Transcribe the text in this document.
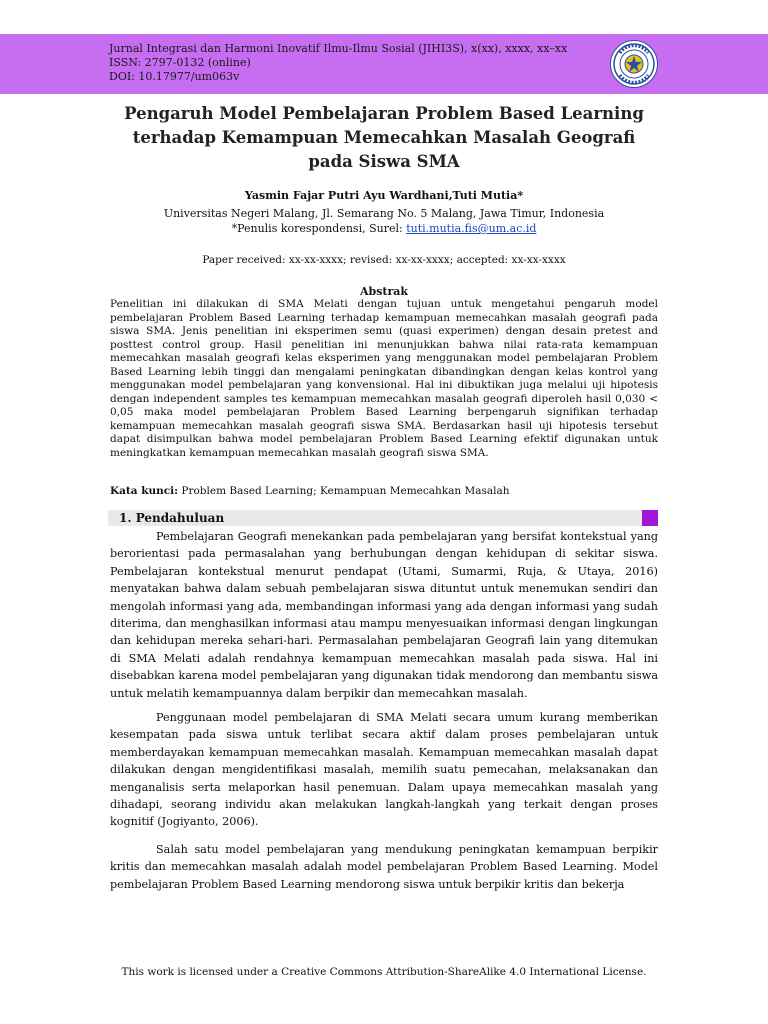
Jurnal Integrasi dan Harmoni Inovatif Ilmu-Ilmu Sosial (JIHI3S), x(xx), xxxx, xx–xx
ISSN: 2797-0132 (online)
DOI: 10.17977/um063v
Pengaruh Model Pembelajaran Problem Based Learning terhadap Kemampuan Memecahkan Masalah Geografi pada Siswa SMA
Yasmin Fajar Putri Ayu Wardhani,Tuti Mutia*
Universitas Negeri Malang, Jl. Semarang No. 5 Malang, Jawa Timur, Indonesia
*Penulis korespondensi, Surel: tuti.mutia.fis@um.ac.id
Paper received: xx-xx-xxxx; revised: xx-xx-xxxx; accepted: xx-xx-xxxx
Abstrak
Penelitian ini dilakukan di SMA Melati dengan tujuan untuk mengetahui pengaruh model pembelajaran Problem Based Learning terhadap kemampuan memecahkan masalah geografi pada siswa SMA. Jenis penelitian ini eksperimen semu (quasi experimen) dengan desain pretest and posttest control group. Hasil penelitian ini menunjukkan bahwa nilai rata-rata kemampuan memecahkan masalah geografi kelas eksperimen yang menggunakan model pembelajaran Problem Based Learning lebih tinggi dan mengalami peningkatan dibandingkan dengan kelas kontrol yang menggunakan model pembelajaran yang konvensional. Hal ini dibuktikan juga melalui uji hipotesis dengan independent samples tes kemampuan memecahkan masalah geografi diperoleh hasil 0,030 < 0,05 maka model pembelajaran Problem Based Learning berpengaruh signifikan terhadap kemampuan memecahkan masalah geografi siswa SMA. Berdasarkan hasil uji hipotesis tersebut dapat disimpulkan bahwa model pembelajaran Problem Based Learning efektif digunakan untuk meningkatkan kemampuan memecahkan masalah geografi siswa SMA.
Kata kunci: Problem Based Learning; Kemampuan Memecahkan Masalah
1. Pendahuluan

Pembelajaran Geografi menekankan pada pembelajaran yang bersifat kontekstual yang berorientasi pada permasalahan yang berhubungan dengan kehidupan di sekitar siswa. Pembelajaran kontekstual menurut pendapat (Utami, Sumarmi, Ruja, & Utaya, 2016) menyatakan bahwa dalam sebuah pembelajaran siswa dituntut untuk menemukan sendiri dan mengolah informasi yang ada, membandingan informasi yang ada dengan informasi yang sudah diterima, dan menghasilkan informasi atau mampu menyesuaikan informasi dengan lingkungan dan kehidupan mereka sehari-hari. Permasalahan pembelajaran Geografi lain yang ditemukan di SMA Melati adalah rendahnya kemampuan memecahkan masalah pada siswa. Hal ini disebabkan karena model pembelajaran yang digunakan tidak mendorong dan membantu siswa untuk melatih kemampuannya dalam berpikir dan memecahkan masalah.

Penggunaan model pembelajaran di SMA Melati secara umum kurang memberikan kesempatan pada siswa untuk terlibat secara aktif dalam proses pembelajaran untuk memberdayakan kemampuan memecahkan masalah. Kemampuan memecahkan masalah dapat dilakukan dengan mengidentifikasi masalah, memilih suatu pemecahan, melaksanakan dan menganalisis serta melaporkan hasil penemuan. Dalam upaya memecahkan masalah yang dihadapi, seorang individu akan melakukan langkah-langkah yang terkait dengan proses kognitif (Jogiyanto, 2006).

Salah satu model pembelajaran yang mendukung peningkatan kemampuan berpikir kritis dan memecahkan masalah adalah model pembelajaran Problem Based Learning. Model pembelajaran Problem Based Learning mendorong siswa untuk berpikir kritis dan bekerja

This work is licensed under a Creative Commons Attribution-ShareAlike 4.0 International License.
